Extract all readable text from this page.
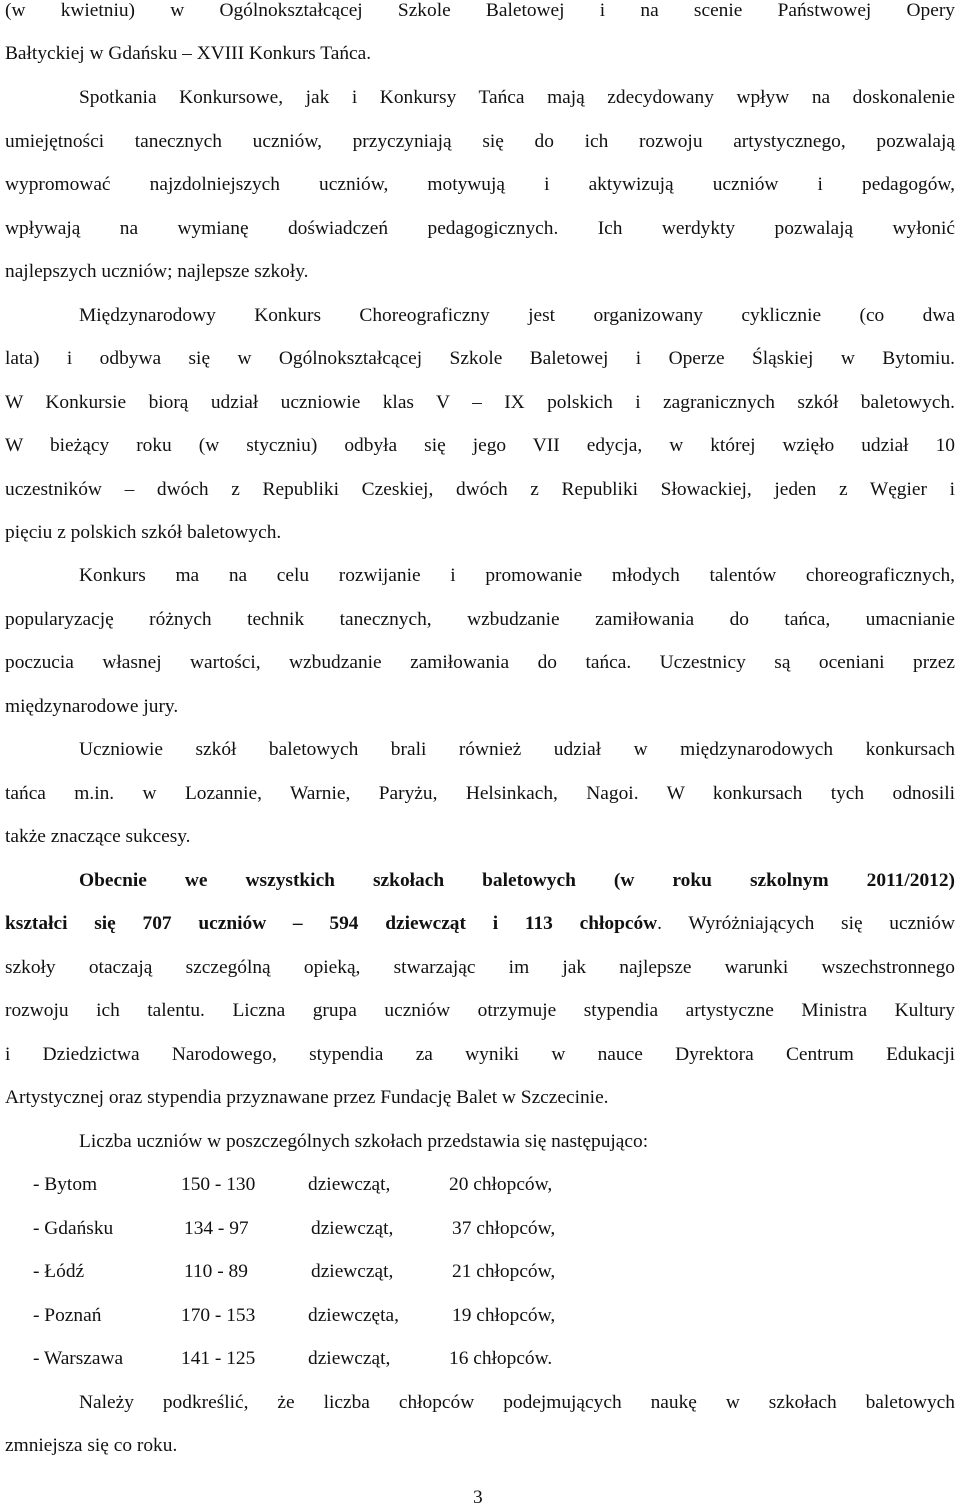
(w kwietniu) w Ogólnokształcącej Szkole Baletowej i na scenie Państwowej Opery
Bałtyckiej w Gdańsku – XVIII Konkurs Tańca.
Spotkania Konkursowe, jak i Konkursy Tańca mają zdecydowany wpływ na doskonalenie
umiejętności tanecznych uczniów, przyczyniają się do ich rozwoju artystycznego, pozwalają
wypromować najzdolniejszych uczniów, motywują i aktywizują uczniów i pedagogów,
wpływają na wymianę doświadczeń pedagogicznych. Ich werdykty pozwalają wyłonić
najlepszych uczniów; najlepsze szkoły.
Międzynarodowy Konkurs Choreograficzny jest organizowany cyklicznie (co dwa
lata) i odbywa się w Ogólnokształcącej Szkole Baletowej i Operze Śląskiej w Bytomiu.
W Konkursie biorą udział uczniowie klas V – IX polskich i zagranicznych szkół baletowych.
W bieżący roku (w styczniu) odbyła się jego VII edycja, w której wzięło udział 10
uczestników – dwóch z Republiki Czeskiej, dwóch z Republiki Słowackiej, jeden z Węgier i
pięciu z polskich szkół baletowych.
Konkurs ma na celu rozwijanie i promowanie młodych talentów choreograficznych,
popularyzację różnych technik tanecznych, wzbudzanie zamiłowania do tańca, umacnianie
poczucia własnej wartości, wzbudzanie zamiłowania do tańca. Uczestnicy są oceniani przez
międzynarodowe jury.
Uczniowie szkół baletowych brali również udział w międzynarodowych konkursach
tańca m.in. w Lozannie, Warnie, Paryżu, Helsinkach, Nagoi. W konkursach tych odnosili
także znaczące sukcesy.
Obecnie we wszystkich szkołach baletowych (w roku szkolnym 2011/2012)
kształci się 707 uczniów – 594 dziewcząt i 113 chłopców. Wyróżniających się uczniów
szkoły otaczają szczególną opieką, stwarzając im jak najlepsze warunki wszechstronnego
rozwoju ich talentu. Liczna grupa uczniów otrzymuje stypendia artystyczne Ministra Kultury
i Dziedzictwa Narodowego, stypendia za wyniki w nauce Dyrektora Centrum Edukacji
Artystycznej oraz stypendia przyznawane przez Fundację Balet w Szczecinie.
Liczba uczniów w poszczególnych szkołach przedstawia się następująco:
- Bytom	150 - 130	dziewcząt,	20 chłopców,
- Gdańsku	134 - 97	dziewcząt,	37 chłopców,
- Łódź	110 - 89	dziewcząt,	21 chłopców,
- Poznań	170 - 153	dziewczęta,	19 chłopców,
- Warszawa	141 - 125	dziewcząt,	16 chłopców.
Należy podkreślić, że liczba chłopców podejmujących naukę w szkołach baletowych
zmniejsza się co roku.
3
